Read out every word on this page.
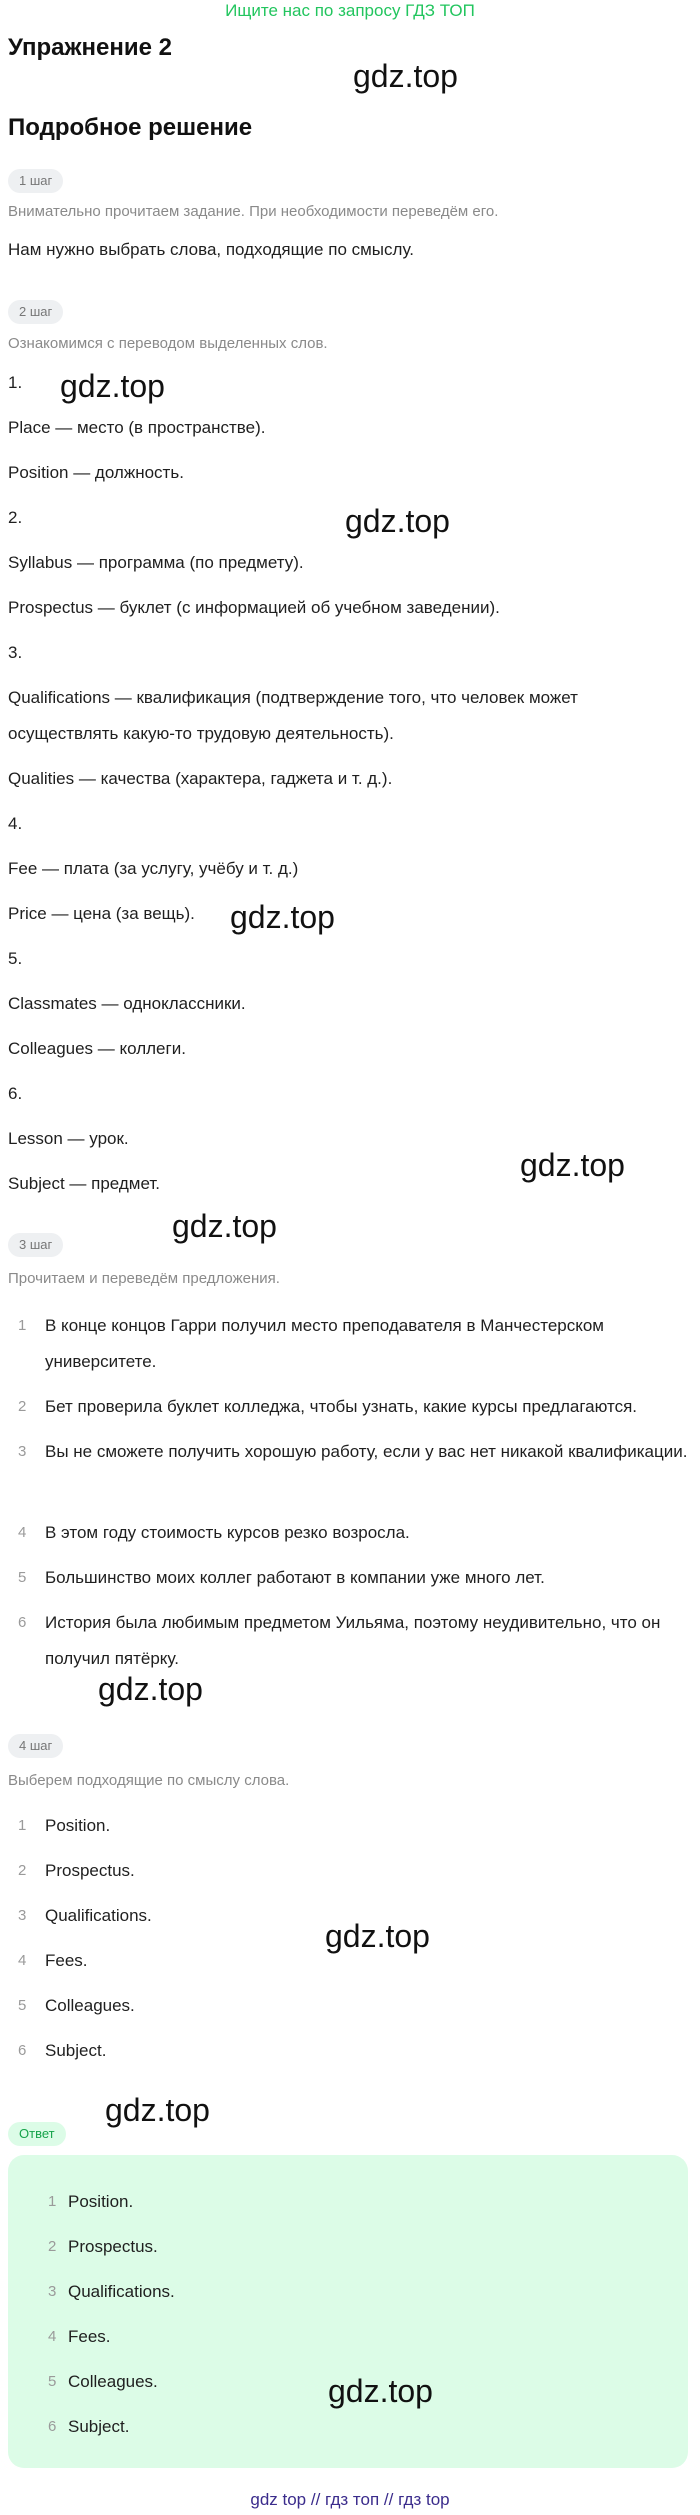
Ищите нас по запросу ГДЗ ТОП
Упражнение 2
gdz.top
Подробное решение
1 шаг
Внимательно прочитаем задание. При необходимости переведём его.
Нам нужно выбрать слова, подходящие по смыслу.
2 шаг
Ознакомимся с переводом выделенных слов.
1. gdz.top
Place — место (в пространстве).
Position — должность.
2.	gdz.top
Syllabus — программа (по предмету).
Prospectus — буклет (с информацией об учебном заведении).
3.
Qualifications — квалификация (подтверждение того, что человек может
осуществлять какую-то трудовую деятельность).
Qualities — качества (характера, гаджета и т. д.).
4.
Fee — плата (за услугу, учёбу и т. д.)
Price — цена (за вещь). gdz.top
5.
Classmates — одноклассники.
Colleagues — коллеги.
6.
Lesson — урок.
Subject — предмет.
gdz.top
gdz.top
3 шаг
Прочитаем и переведём предложения.
1	В конце концов Гарри получил место преподавателя в Манчестерском университете.
2	Бет проверила буклет колледжа, чтобы узнать, какие курсы предлагаются.
3	Вы не сможете получить хорошую работу, если у вас нет никакой квалификации.
4	В этом году стоимость курсов резко возросла.
5	Большинство моих коллег работают в компании уже много лет.
6	История была любимым предметом Уильяма, поэтому неудивительно, что он получил пятёрку.
gdz.top
4 шаг
Выберем подходящие по смыслу слова.
1	Position.
2	Prospectus.
3	Qualifications.
4	Fees.
5	Colleagues.
6	Subject.
gdz.top
gdz.top
Ответ
1 Position.
2 Prospectus.
3 Qualifications.
4 Fees.
5 Colleagues.
6 Subject.
gdz.top
gdz top // гдз топ // гдз top
